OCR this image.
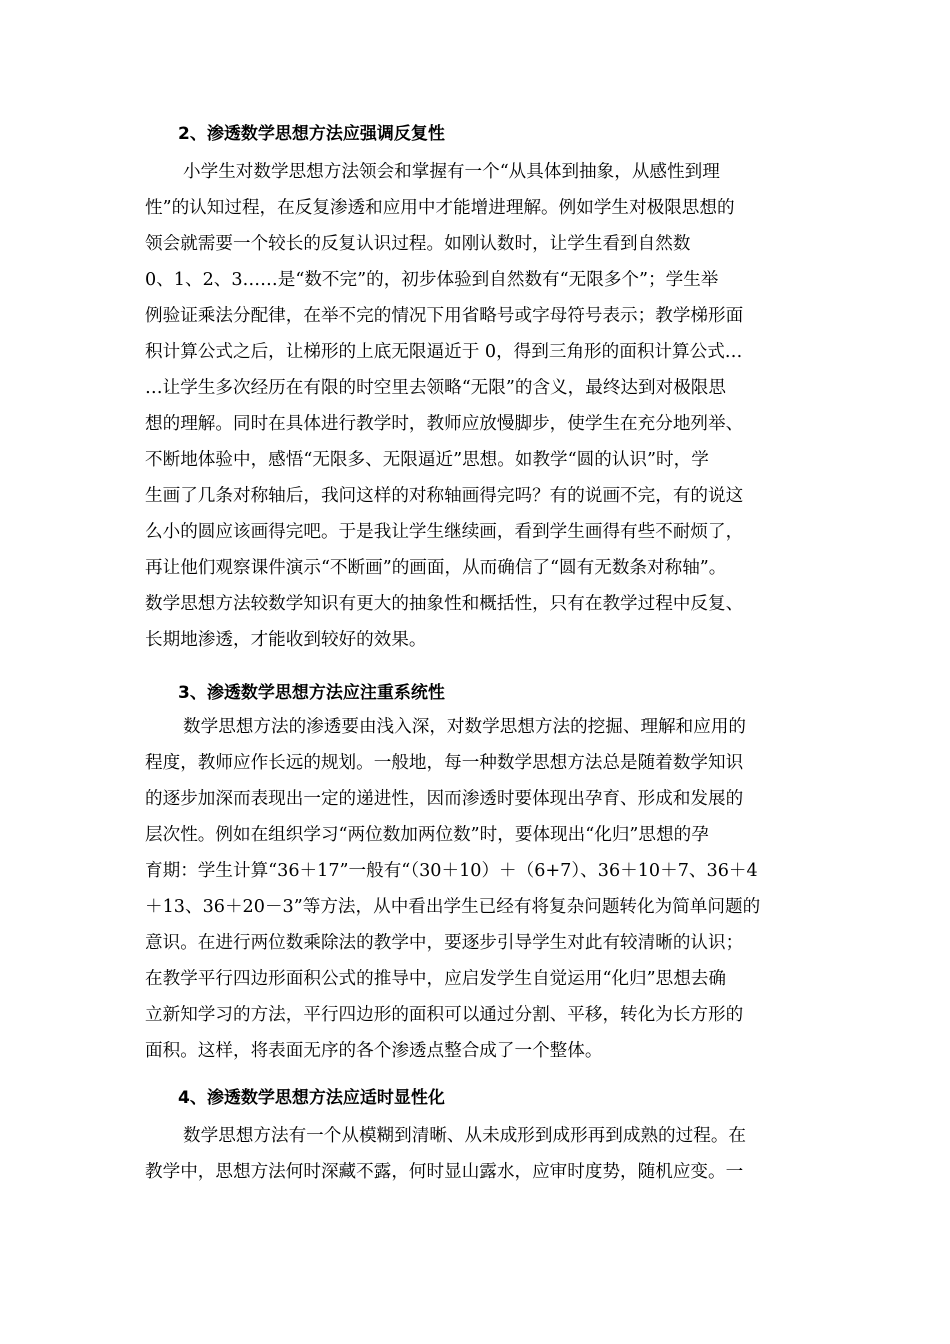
2、渗透数学思想方法应强调反复性
小学生对数学思想方法领会和掌握有一个“从具体到抽象，从感性到理
性”的认知过程，在反复渗透和应用中才能增进理解。例如学生对极限思想的
领会就需要一个较长的反复认识过程。如刚认数时，让学生看到自然数
0、1、2、3……是“数不完”的，初步体验到自然数有“无限多个”；学生举
例验证乘法分配律，在举不完的情况下用省略号或字母符号表示；教学梯形面
积计算公式之后，让梯形的上底无限逼近于 0，得到三角形的面积计算公式…
…让学生多次经历在有限的时空里去领略“无限”的含义，最终达到对极限思
想的理解。同时在具体进行教学时，教师应放慢脚步，使学生在充分地列举、
不断地体验中，感悟“无限多、无限逼近”思想。如教学“圆的认识”时，学
生画了几条对称轴后，我问这样的对称轴画得完吗？有的说画不完，有的说这
么小的圆应该画得完吧。于是我让学生继续画，看到学生画得有些不耐烦了，
再让他们观察课件演示“不断画”的画面，从而确信了“圆有无数条对称轴”。
数学思想方法较数学知识有更大的抽象性和概括性，只有在教学过程中反复、
长期地渗透，才能收到较好的效果。
3、渗透数学思想方法应注重系统性
数学思想方法的渗透要由浅入深，对数学思想方法的挖掘、理解和应用的
程度，教师应作长远的规划。一般地，每一种数学思想方法总是随着数学知识
的逐步加深而表现出一定的递进性，因而渗透时要体现出孕育、形成和发展的
层次性。例如在组织学习“两位数加两位数”时，要体现出“化归”思想的孕
育期：学生计算“36＋17”一般有“（30＋10）＋（6+7）、36＋10＋7、36＋4
＋13、36＋20－3”等方法，从中看出学生已经有将复杂问题转化为简单问题的
意识。在进行两位数乘除法的教学中，要逐步引导学生对此有较清晰的认识；
在教学平行四边形面积公式的推导中，应启发学生自觉运用“化归”思想去确
立新知学习的方法，平行四边形的面积可以通过分割、平移，转化为长方形的
面积。这样，将表面无序的各个渗透点整合成了一个整体。
4、渗透数学思想方法应适时显性化
数学思想方法有一个从模糊到清晰、从未成形到成形再到成熟的过程。在
教学中，思想方法何时深藏不露，何时显山露水，应审时度势，随机应变。一
